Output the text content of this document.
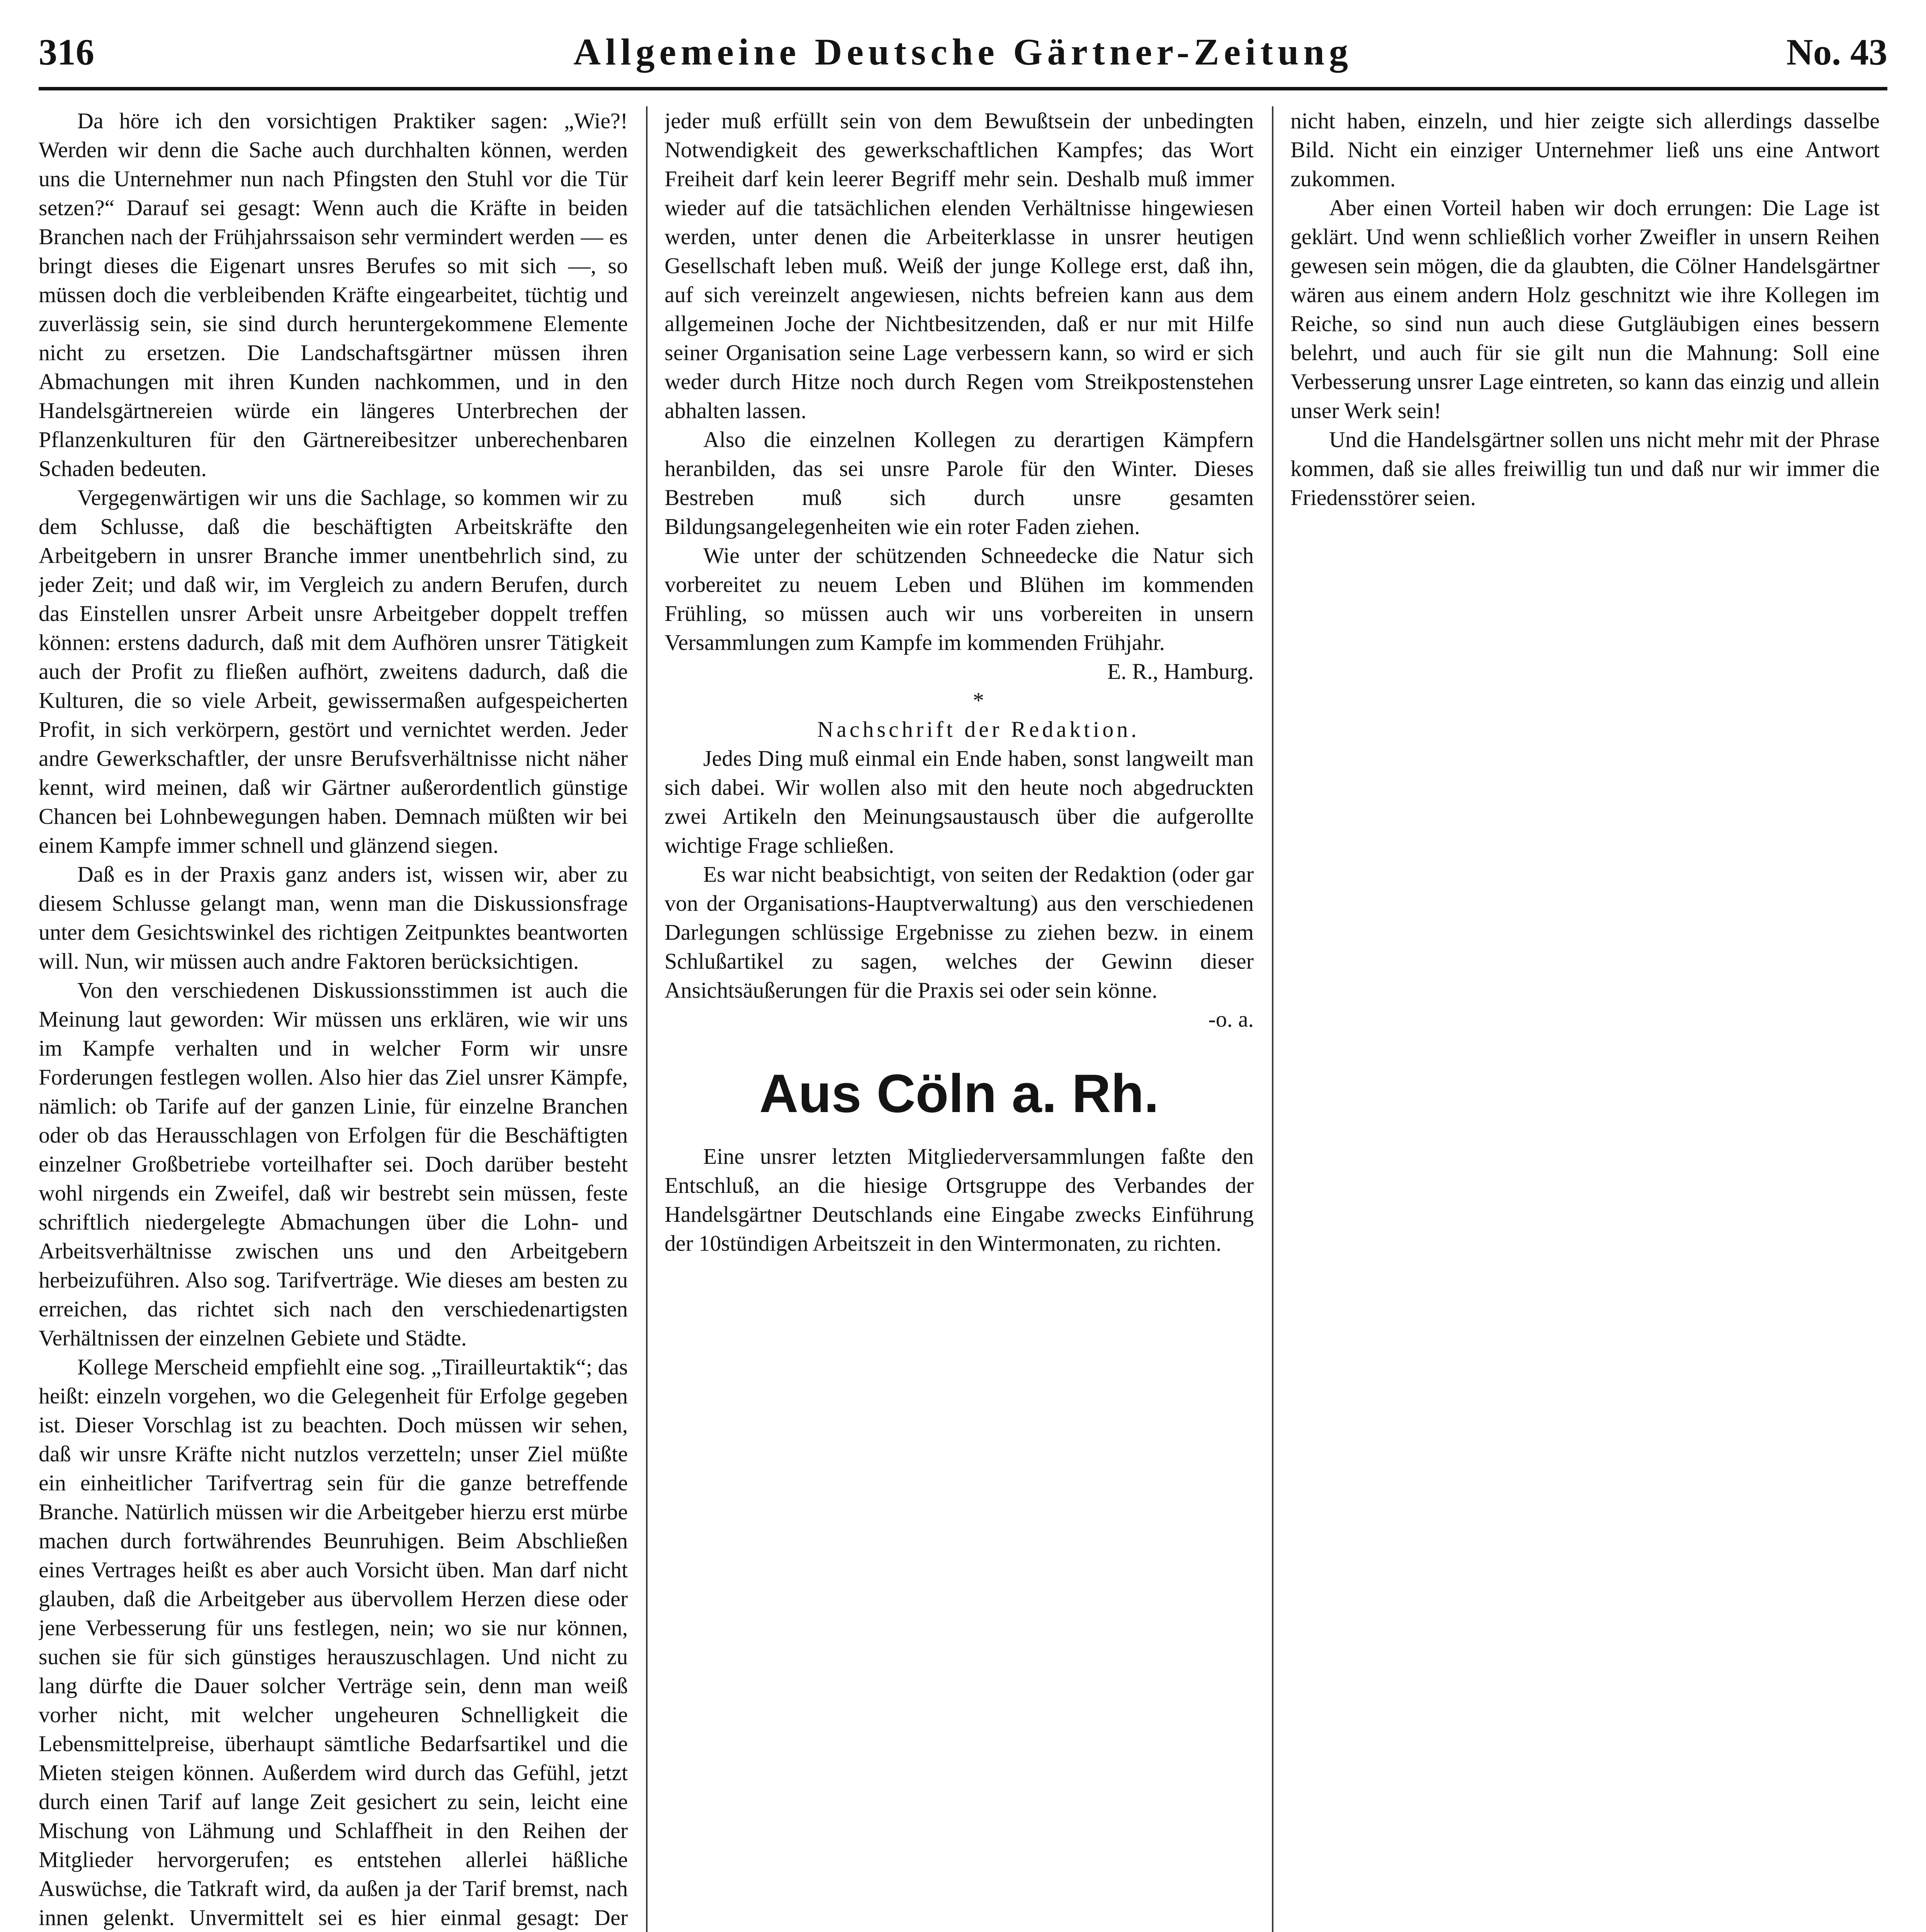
316	Allgemeine Deutsche Gärtner-Zeitung	No. 43

Da höre ich den vorsichtigen Praktiker sagen: „Wie?! Werden wir denn die Sache auch durchhalten können, werden uns die Unternehmer nun nach Pfingsten den Stuhl vor die Tür setzen?“ Darauf sei gesagt: Wenn auch die Kräfte in beiden Branchen nach der Frühjahrssaison sehr vermindert werden — es bringt dieses die Eigenart unsres Berufes so mit sich —, so müssen doch die verbleibenden Kräfte eingearbeitet, tüchtig und zuverlässig sein, sie sind durch heruntergekommene Elemente nicht zu ersetzen. Die Landschaftsgärtner müssen ihren Abmachungen mit ihren Kunden nachkommen, und in den Handelsgärtnereien würde ein längeres Unterbrechen der Pflanzenkulturen für den Gärtnereibesitzer unberechenbaren Schaden bedeuten.

Vergegenwärtigen wir uns die Sachlage, so kommen wir zu dem Schlusse, daß die beschäftigten Arbeitskräfte den Arbeitgebern in unsrer Branche immer unentbehrlich sind, zu jeder Zeit; und daß wir, im Vergleich zu andern Berufen, durch das Einstellen unsrer Arbeit unsre Arbeitgeber doppelt treffen können: erstens dadurch, daß mit dem Aufhören unsrer Tätigkeit auch der Profit zu fließen aufhört, zweitens dadurch, daß die Kulturen, die so viele Arbeit, gewissermaßen aufgespeicherten Profit, in sich verkörpern, gestört und vernichtet werden. Jeder andre Gewerkschaftler, der unsre Berufsverhältnisse nicht näher kennt, wird meinen, daß wir Gärtner außerordentlich günstige Chancen bei Lohnbewegungen haben. Demnach müßten wir bei einem Kampfe immer schnell und glänzend siegen.

Daß es in der Praxis ganz anders ist, wissen wir, aber zu diesem Schlusse gelangt man, wenn man die Diskussionsfrage unter dem Gesichtswinkel des richtigen Zeitpunktes beantworten will. Nun, wir müssen auch andre Faktoren berücksichtigen.

Von den verschiedenen Diskussionsstimmen ist auch die Meinung laut geworden: Wir müssen uns erklären, wie wir uns im Kampfe verhalten und in welcher Form wir unsre Forderungen festlegen wollen. Also hier das Ziel unsrer Kämpfe, nämlich: ob Tarife auf der ganzen Linie, für einzelne Branchen oder ob das Herausschlagen von Erfolgen für die Beschäftigten einzelner Großbetriebe vorteilhafter sei. Doch darüber besteht wohl nirgends ein Zweifel, daß wir bestrebt sein müssen, feste schriftlich niedergelegte Abmachungen über die Lohn- und Arbeitsverhältnisse zwischen uns und den Arbeitgebern herbeizuführen. Also sog. Tarifverträge. Wie dieses am besten zu erreichen, das richtet sich nach den verschiedenartigsten Verhältnissen der einzelnen Gebiete und Städte.

Kollege Merscheid empfiehlt eine sog. „Tirailleurtaktik“; das heißt: einzeln vorgehen, wo die Gelegenheit für Erfolge gegeben ist. Dieser Vorschlag ist zu beachten. Doch müssen wir sehen, daß wir unsre Kräfte nicht nutzlos verzetteln; unser Ziel müßte ein einheitlicher Tarifvertrag sein für die ganze betreffende Branche. Natürlich müssen wir die Arbeitgeber hierzu erst mürbe machen durch fortwährendes Beunruhigen. Beim Abschließen eines Vertrages heißt es aber auch Vorsicht üben. Man darf nicht glauben, daß die Arbeitgeber aus übervollem Herzen diese oder jene Verbesserung für uns festlegen, nein; wo sie nur können, suchen sie für sich günstiges herauszuschlagen. Und nicht zu lang dürfte die Dauer solcher Verträge sein, denn man weiß vorher nicht, mit welcher ungeheuren Schnelligkeit die Lebensmittelpreise, überhaupt sämtliche Bedarfsartikel und die Mieten steigen können. Außerdem wird durch das Gefühl, jetzt durch einen Tarif auf lange Zeit gesichert zu sein, leicht eine Mischung von Lähmung und Schlaffheit in den Reihen der Mitglieder hervorgerufen; es entstehen allerlei häßliche Auswüchse, die Tatkraft wird, da außen ja der Tarif bremst, nach innen gelenkt. Unvermittelt sei es hier einmal gesagt: Der

jeder muß erfüllt sein von dem Bewußtsein der unbedingten Notwendigkeit des gewerkschaftlichen Kampfes; das Wort Freiheit darf kein leerer Begriff mehr sein. Deshalb muß immer wieder auf die tatsächlichen elenden Verhältnisse hingewiesen werden, unter denen die Arbeiterklasse in unsrer heutigen Gesellschaft leben muß. Weiß der junge Kollege erst, daß ihn, auf sich vereinzelt angewiesen, nichts befreien kann aus dem allgemeinen Joche der Nichtbesitzenden, daß er nur mit Hilfe seiner Organisation seine Lage verbessern kann, so wird er sich weder durch Hitze noch durch Regen vom Streikpostenstehen abhalten lassen.

Also die einzelnen Kollegen zu derartigen Kämpfern heranbilden, das sei unsre Parole für den Winter. Dieses Bestreben muß sich durch unsre gesamten Bildungsangelegenheiten wie ein roter Faden ziehen.

Wie unter der schützenden Schneedecke die Natur sich vorbereitet zu neuem Leben und Blühen im kommenden Frühling, so müssen auch wir uns vorbereiten in unsern Versammlungen zum Kampfe im kommenden Frühjahr.

E. R., Hamburg.

*

Nachschrift der Redaktion.

Jedes Ding muß einmal ein Ende haben, sonst langweilt man sich dabei. Wir wollen also mit den heute noch abgedruckten zwei Artikeln den Meinungsaustausch über die aufgerollte wichtige Frage schließen.

Es war nicht beabsichtigt, von seiten der Redaktion (oder gar von der Organisations-Hauptverwaltung) aus den verschiedenen Darlegungen schlüssige Ergebnisse zu ziehen bezw. in einem Schlußartikel zu sagen, welches der Gewinn dieser Ansichtsäußerungen für die Praxis sei oder sein könne.

-o. a.

Aus Cöln a. Rh.

Eine unsrer letzten Mitgliederversammlungen faßte den Entschluß, an die hiesige Ortsgruppe des Verbandes der Handelsgärtner Deutschlands eine Eingabe zwecks Einführung der 10stündigen Arbeitszeit in den Wintermonaten, zu richten.

nicht haben, einzeln, und hier zeigte sich allerdings dasselbe Bild. Nicht ein einziger Unternehmer ließ uns eine Antwort zukommen.

Aber einen Vorteil haben wir doch errungen: Die Lage ist geklärt. Und wenn schließlich vorher Zweifler in unsern Reihen gewesen sein mögen, die da glaubten, die Cölner Handelsgärtner wären aus einem andern Holz geschnitzt wie ihre Kollegen im Reiche, so sind nun auch diese Gutgläubigen eines bessern belehrt, und auch für sie gilt nun die Mahnung: Soll eine Verbesserung unsrer Lage eintreten, so kann das einzig und allein unser Werk sein!

Und die Handelsgärtner sollen uns nicht mehr mit der Phrase kommen, daß sie alles freiwillig tun und daß nur wir immer die Friedensstörer seien.
